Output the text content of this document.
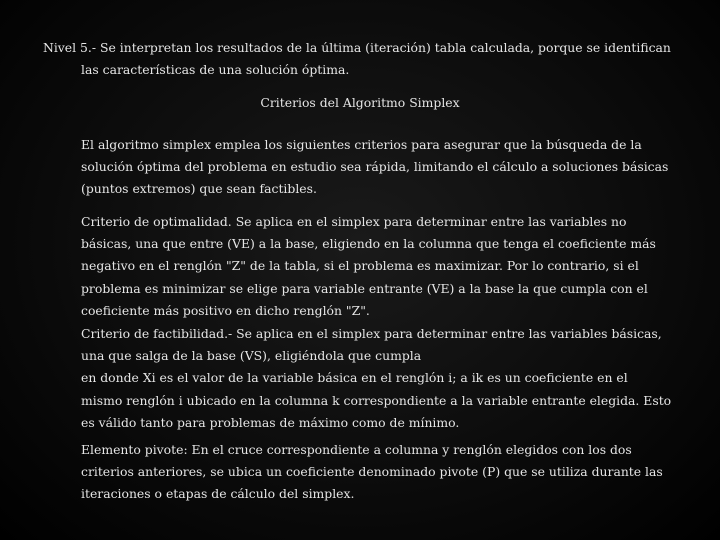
Nivel 5.- Se interpretan los resultados de la última (iteración) tabla calculada, porque se identifican
las características de una solución óptima.
Criterios del Algoritmo Simplex
El algoritmo simplex emplea los siguientes criterios para asegurar que la búsqueda de la
solución óptima del problema en estudio sea rápida, limitando el cálculo a soluciones básicas
(puntos extremos) que sean factibles.
Criterio de optimalidad. Se aplica en el simplex para determinar entre las variables no
básicas, una que entre (VE) a la base, eligiendo en la columna que tenga el coeficiente más
negativo en el renglón "Z" de la tabla, si el problema es maximizar. Por lo contrario, si el
problema es minimizar se elige para variable entrante (VE) a la base la que cumpla con el
coeficiente más positivo en dicho renglón "Z".
Criterio de factibilidad.- Se aplica en el simplex para determinar entre las variables básicas,
una que salga de la base (VS), eligiéndola que cumpla
en donde Xi es el valor de la variable básica en el renglón i; a ik es un coeficiente en el
mismo renglón i ubicado en la columna k correspondiente a la variable entrante elegida. Esto
es válido tanto para problemas de máximo como de mínimo.
Elemento pivote: En el cruce correspondiente a columna y renglón elegidos con los dos
criterios anteriores, se ubica un coeficiente denominado pivote (P) que se utiliza durante las
iteraciones o etapas de cálculo del simplex.
